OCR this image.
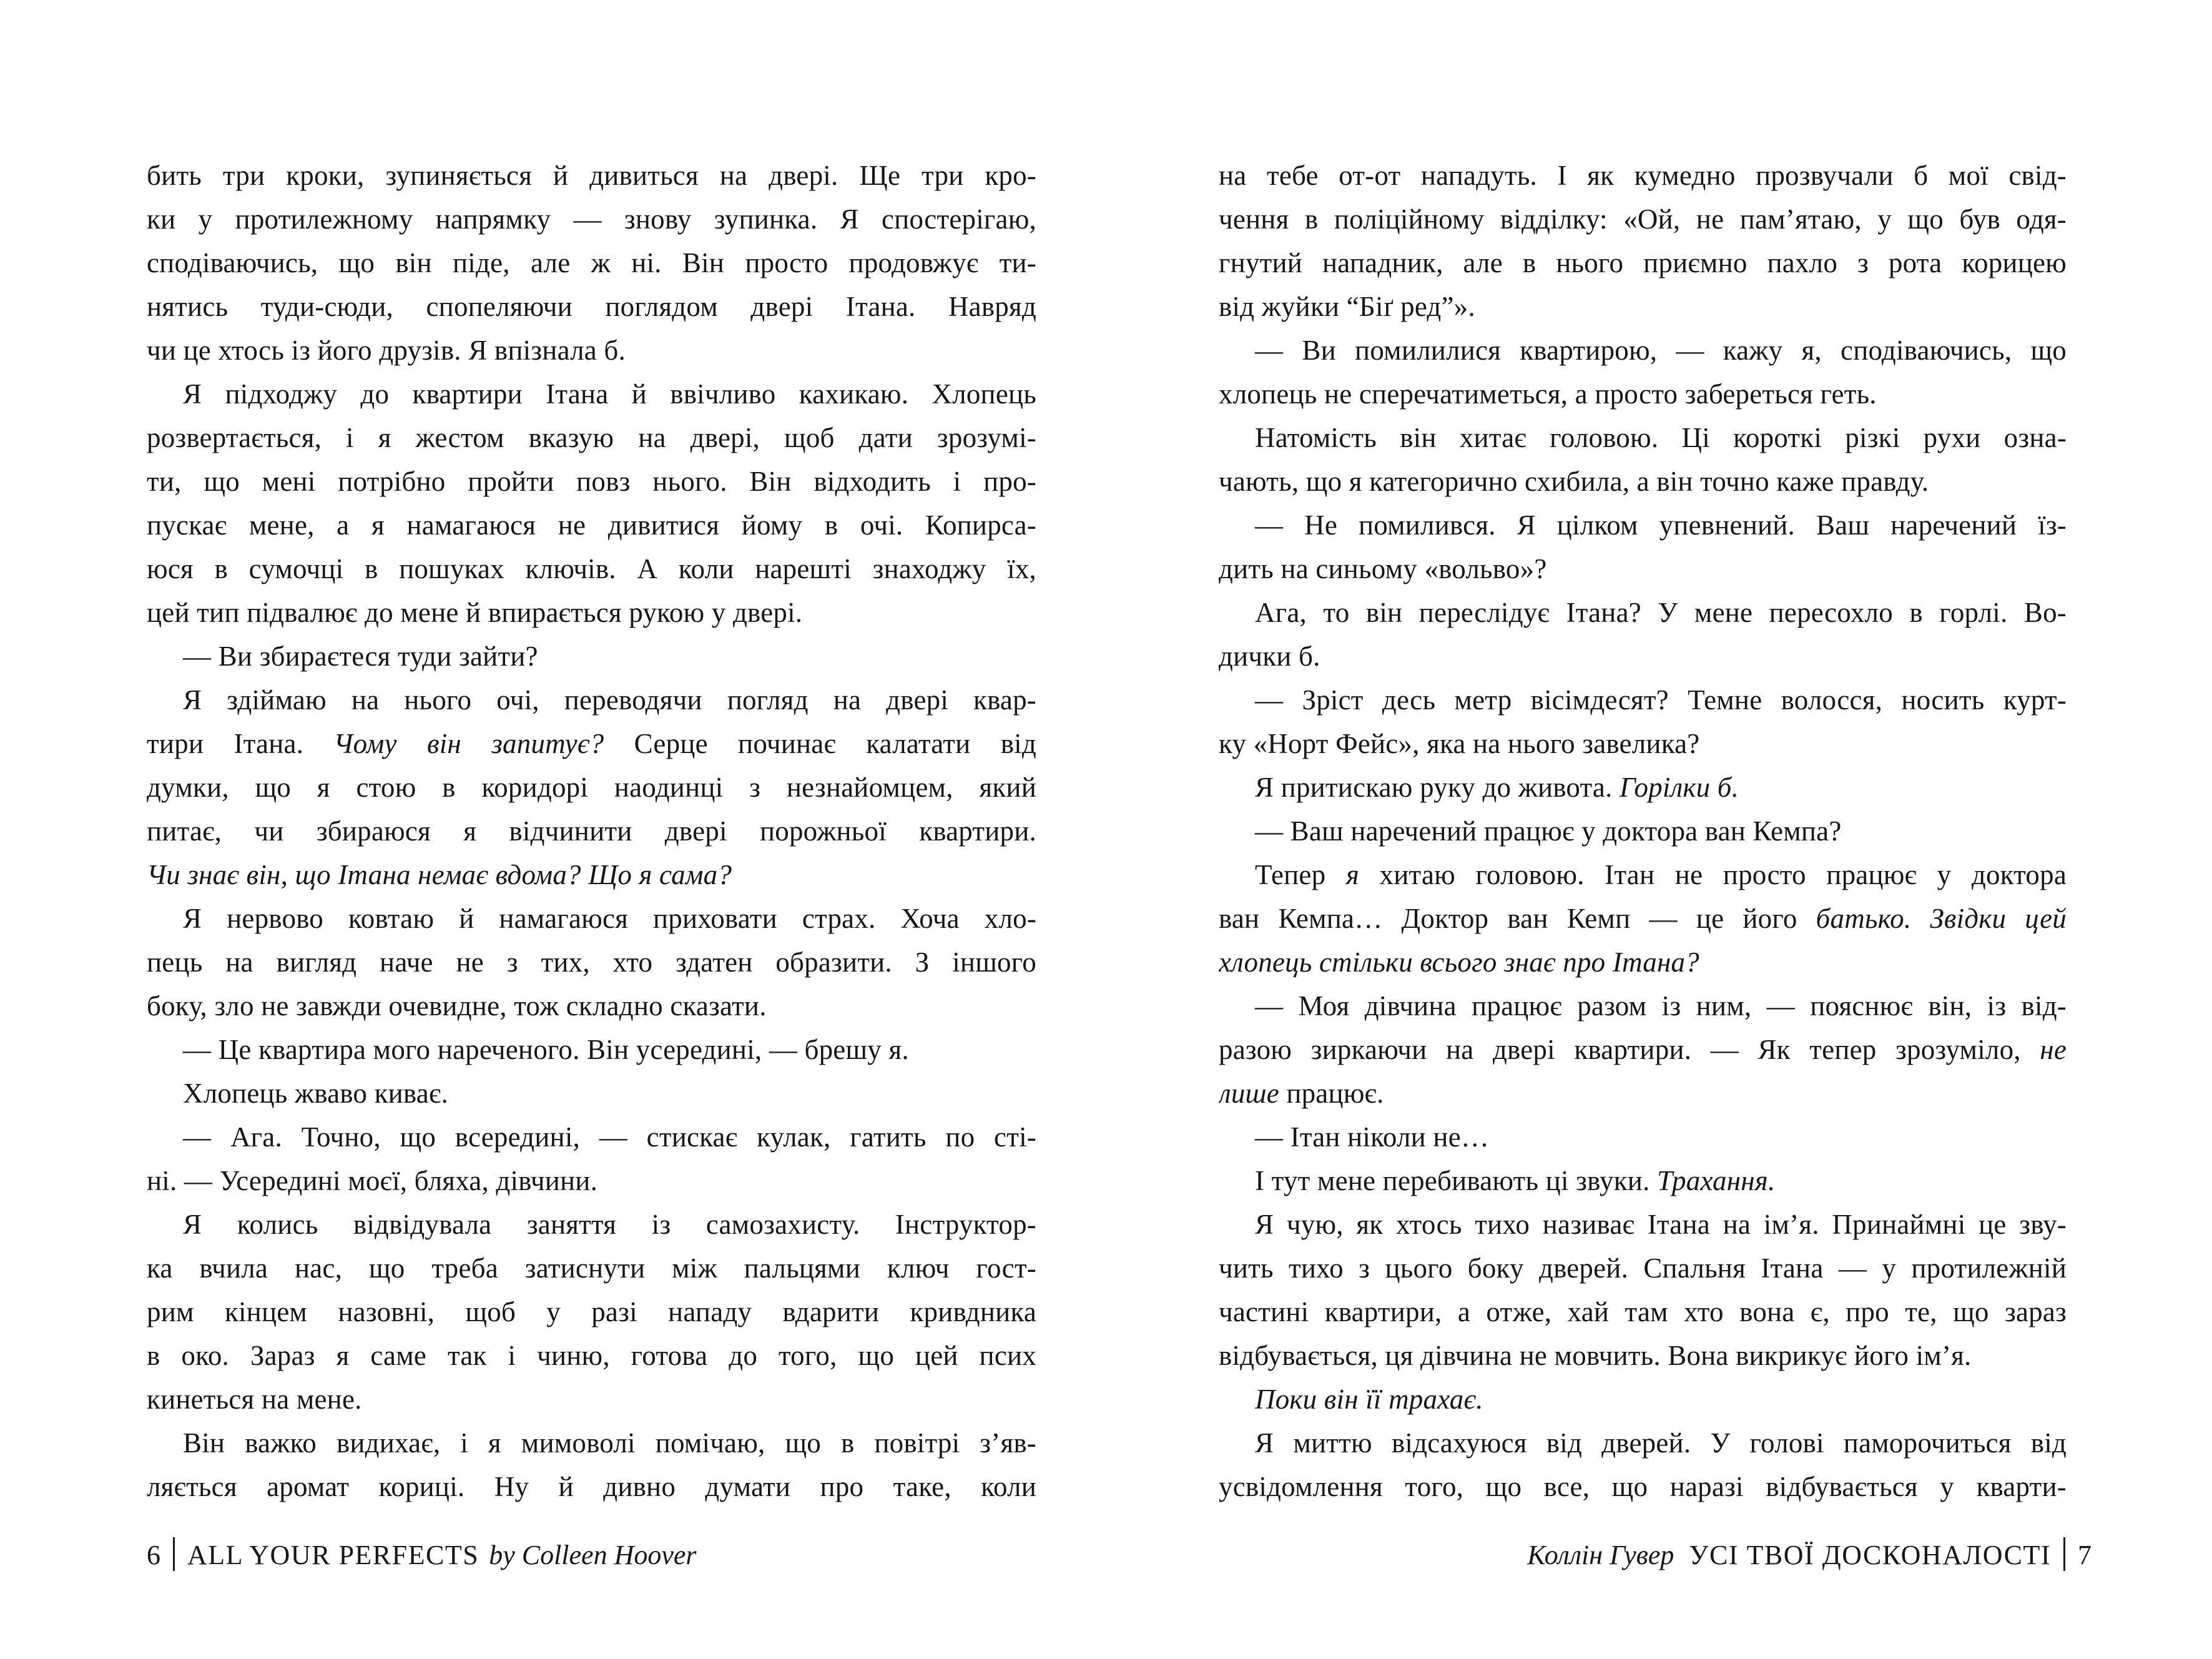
бить три кроки, зупиняється й дивиться на двері. Ще три кро-
ки у протилежному напрямку — знову зупинка. Я спостерігаю,
сподіваючись, що він піде, але ж ні. Він просто продовжує ти-
нятись туди-сюди, спопеляючи поглядом двері Ітана. Навряд
чи це хтось із його друзів. Я впізнала б.
Я підходжу до квартири Ітана й ввічливо кахикаю. Хлопець
розвертається, і я жестом вказую на двері, щоб дати зрозумі-
ти, що мені потрібно пройти повз нього. Він відходить і про-
пускає мене, а я намагаюся не дивитися йому в очі. Копирса-
юся в сумочці в пошуках ключів. А коли нарешті знаходжу їх,
цей тип підвалює до мене й впирається рукою у двері.
— Ви збираєтеся туди зайти?
Я здіймаю на нього очі, переводячи погляд на двері квар-
тири Ітана. Чому він запитує? Серце починає калатати від
думки, що я стою в коридорі наодинці з незнайомцем, який
питає, чи збираюся я відчинити двері порожньої квартири.
Чи знає він, що Ітана немає вдома? Що я сама?
Я нервово ковтаю й намагаюся приховати страх. Хоча хло-
пець на вигляд наче не з тих, хто здатен образити. З іншого
боку, зло не завжди очевидне, тож складно сказати.
— Це квартира мого нареченого. Він усередині, — брешу я.
Хлопець жваво киває.
— Ага. Точно, що всередині, — стискає кулак, гатить по сті-
ні. — Усередині моєї, бляха, дівчини.
Я колись відвідувала заняття із самозахисту. Інструктор-
ка вчила нас, що треба затиснути між пальцями ключ гост-
рим кінцем назовні, щоб у разі нападу вдарити кривдника
в око. Зараз я саме так і чиню, готова до того, що цей псих
кинеться на мене.
Він важко видихає, і я мимоволі помічаю, що в повітрі з’яв-
ляється аромат кориці. Ну й дивно думати про таке, коли
на тебе от-от нападуть. І як кумедно прозвучали б мої свід-
чення в поліційному відділку: «Ой, не пам’ятаю, у що був одя-
гнутий нападник, але в нього приємно пахло з рота корицею
від жуйки “Біґ ред”».
— Ви помилилися квартирою, — кажу я, сподіваючись, що
хлопець не сперечатиметься, а просто забереться геть.
Натомість він хитає головою. Ці короткі різкі рухи озна-
чають, що я категорично схибила, а він точно каже правду.
— Не помилився. Я цілком упевнений. Ваш наречений їз-
дить на синьому «вольво»?
Ага, то він переслідує Ітана? У мене пересохло в горлі. Во-
дички б.
— Зріст десь метр вісімдесят? Темне волосся, носить курт-
ку «Норт Фейс», яка на нього завелика?
Я притискаю руку до живота. Горілки б.
— Ваш наречений працює у доктора ван Кемпа?
Тепер я хитаю головою. Ітан не просто працює у доктора
ван Кемпа… Доктор ван Кемп — це його батько. Звідки цей
хлопець стільки всього знає про Ітана?
— Моя дівчина працює разом із ним, — пояснює він, із від-
разою зиркаючи на двері квартири. — Як тепер зрозуміло, не
лише працює.
— Ітан ніколи не…
І тут мене перебивають ці звуки. Трахання.
Я чую, як хтось тихо називає Ітана на ім’я. Принаймні це зву-
чить тихо з цього боку дверей. Спальня Ітана — у протилежній
частині квартири, а отже, хай там хто вона є, про те, що зараз
відбувається, ця дівчина не мовчить. Вона викрикує його ім’я.
Поки він її трахає.
Я миттю відсахуюся від дверей. У голові паморочиться від
усвідомлення того, що все, що наразі відбувається у кварти-
6 ALL YOUR PERFECTS by Colleen Hoover	Коллін Гувер УСІ ТВОЇ ДОСКОНАЛОСТІ 7
